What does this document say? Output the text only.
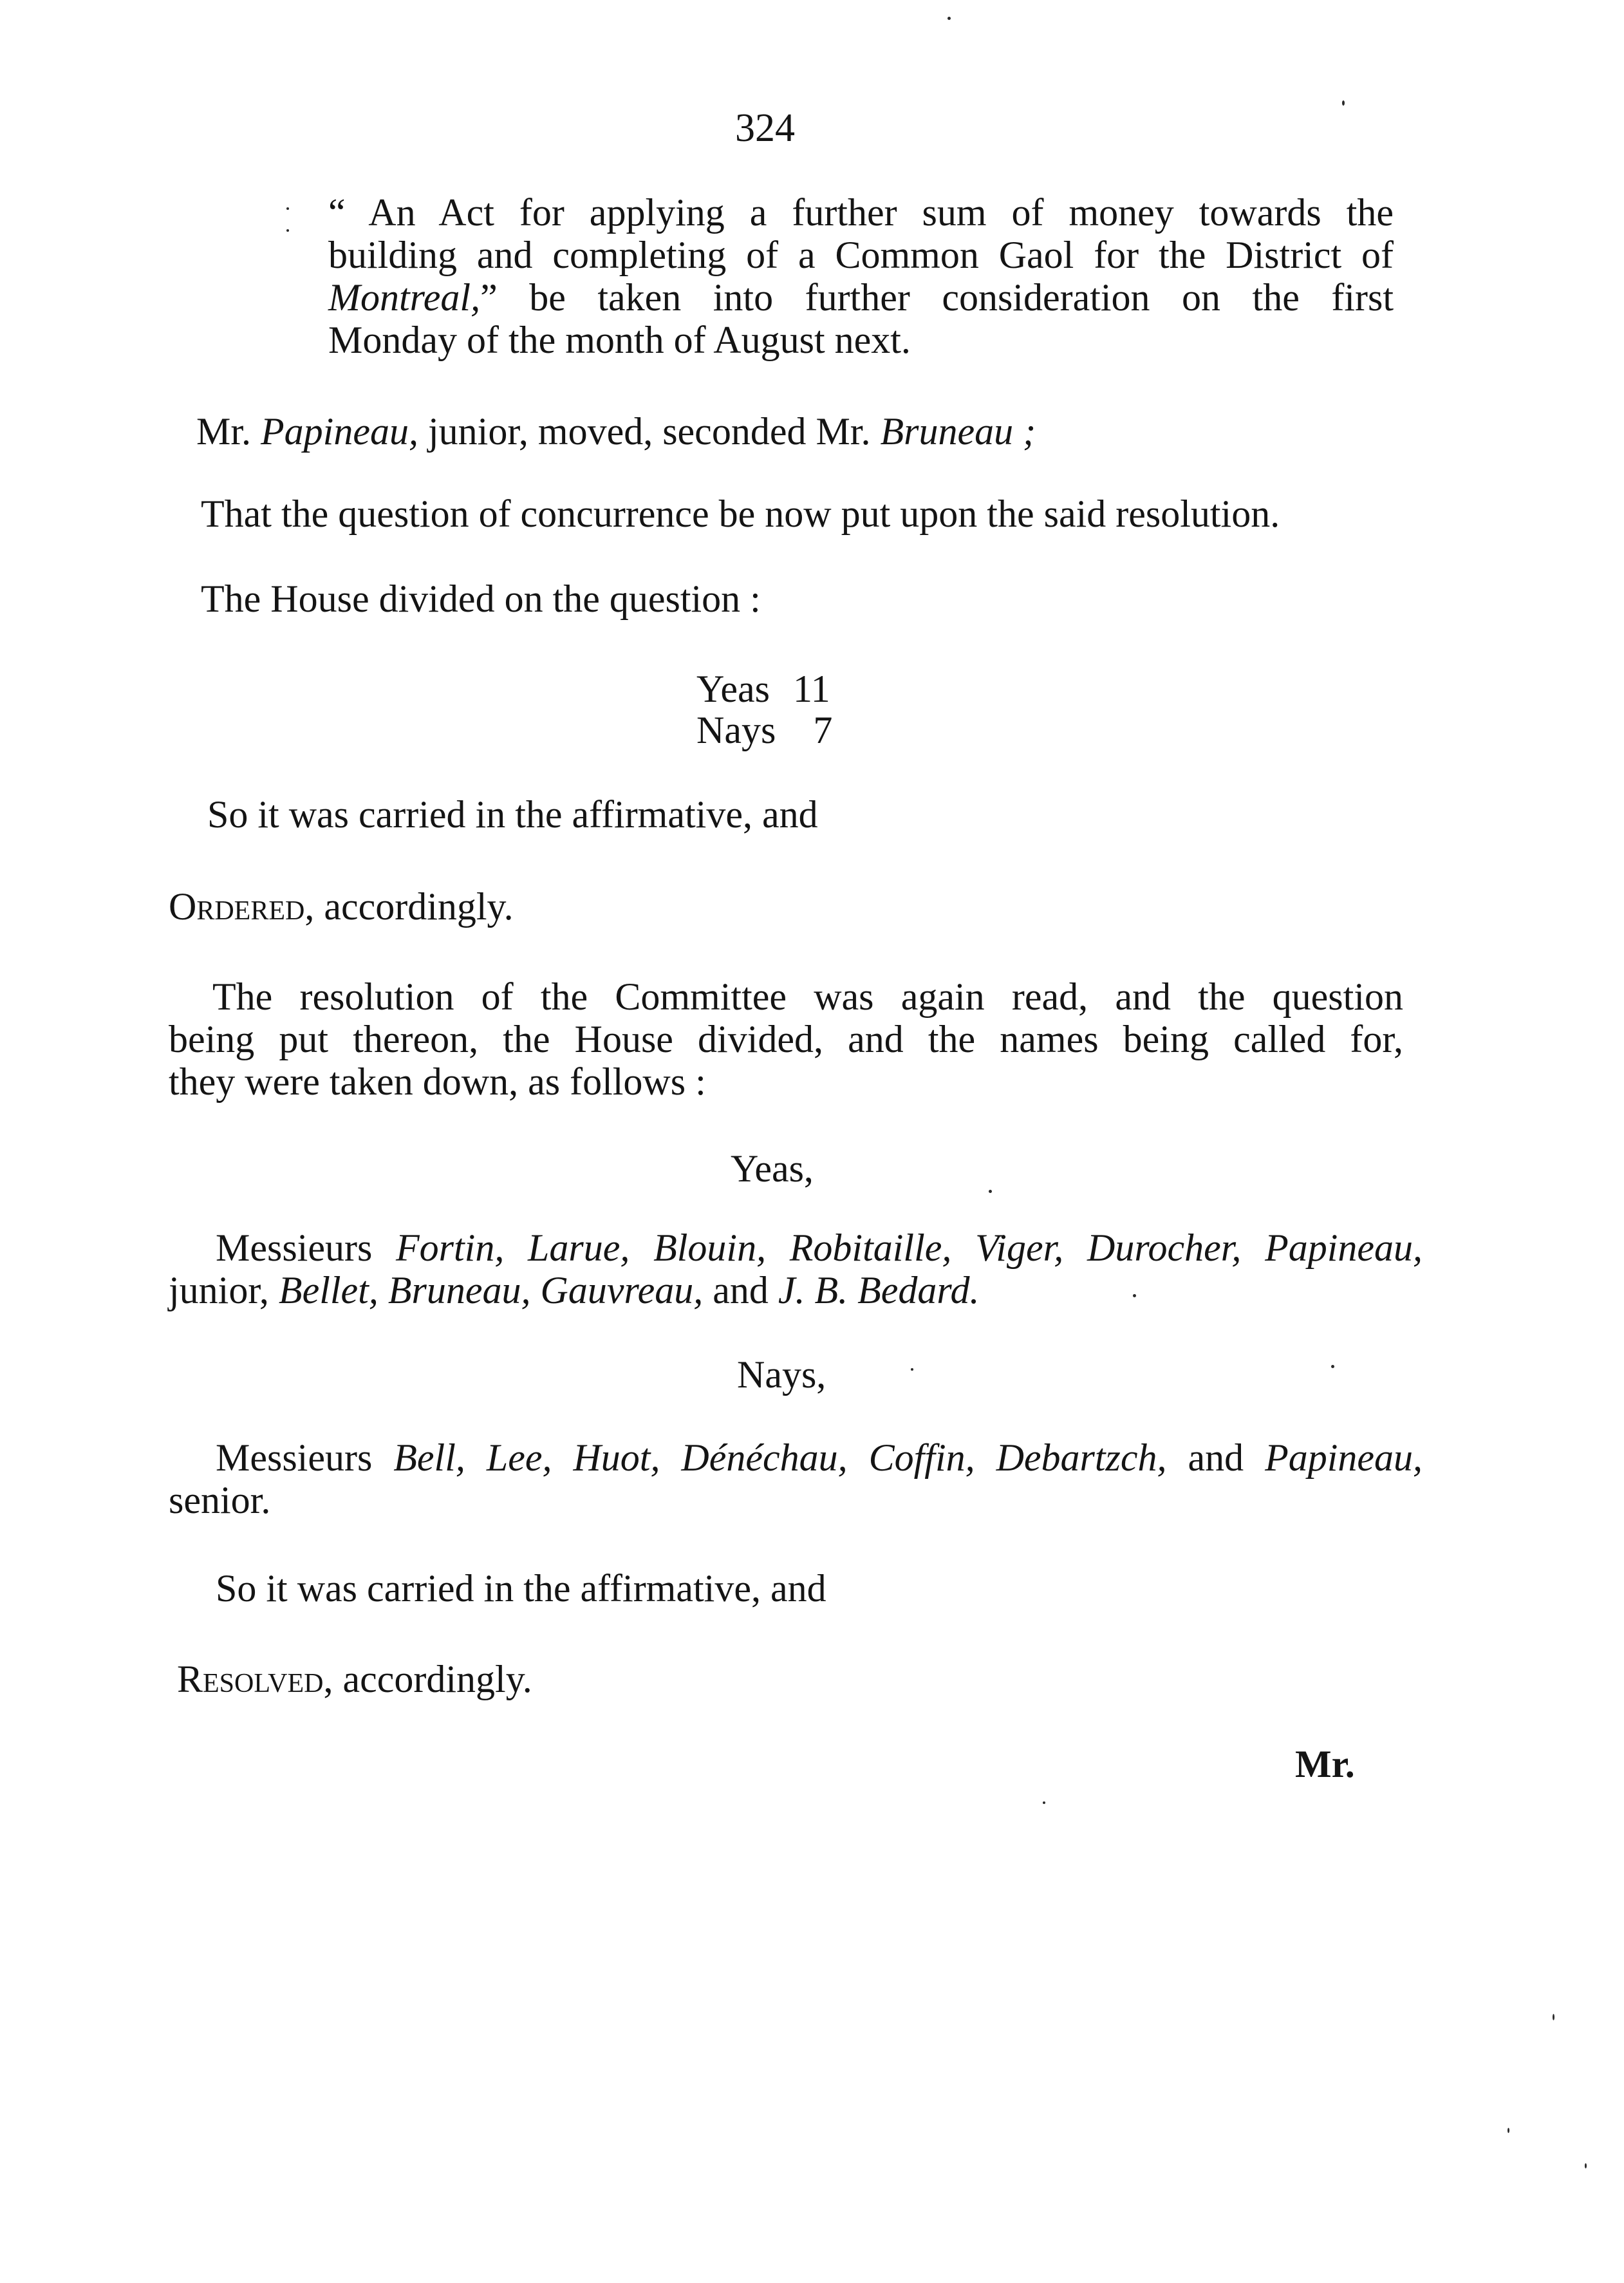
324
“ An Act for applying a further sum of money towards the
building and completing of a Common Gaol for the District of
Montreal,” be taken into further consideration on the first
Monday of the month of August next.
Mr. Papineau, junior, moved, seconded Mr. Bruneau ;
That the question of concurrence be now put upon the said resolution.
The House divided on the question :
Yeas 11
Nays 7
So it was carried in the affirmative, and
Ordered, accordingly.
The resolution of the Committee was again read, and the question
being put thereon, the House divided, and the names being called for,
they were taken down, as follows :
Yeas,
Messieurs Fortin, Larue, Blouin, Robitaille, Viger, Durocher, Papineau,
junior, Bellet, Bruneau, Gauvreau, and J. B. Bedard.
Nays,
Messieurs Bell, Lee, Huot, Dénéchau, Coffin, Debartzch, and Papineau,
senior.
So it was carried in the affirmative, and
Resolved, accordingly.
Mr.
